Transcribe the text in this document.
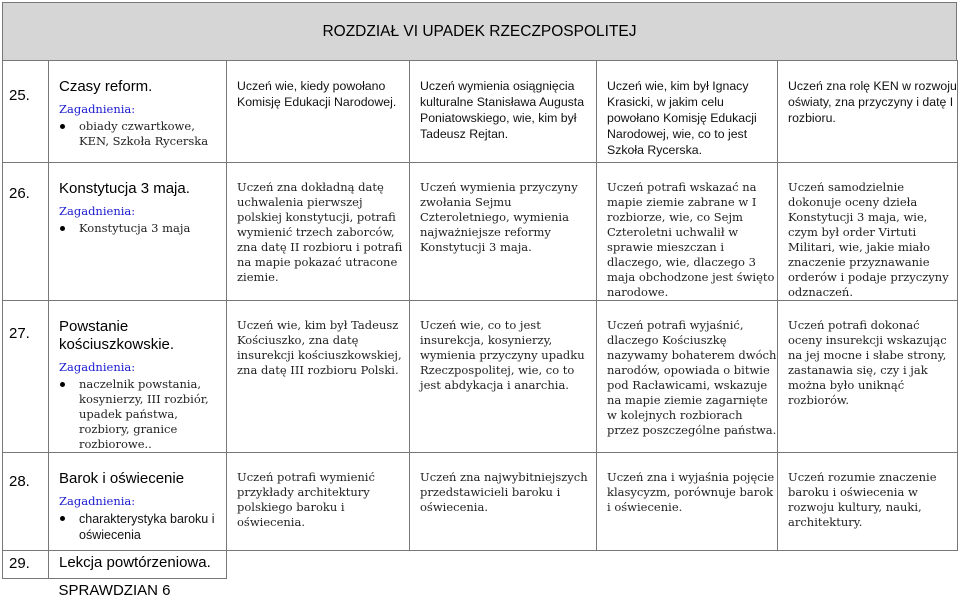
ROZDZIAŁ VI UPADEK RZECZPOSPOLITEJ
25.	Czasy reform.
Zagadnienia:
obiady czwartkowe, KEN, Szkoła Rycerska	Uczeń wie, kiedy powołano Komisję Edukacji Narodowej.	Uczeń wymienia osiągnięcia kulturalne Stanisława Augusta Poniatowskiego, wie, kim był Tadeusz Rejtan.	Uczeń wie, kim był Ignacy Krasicki, w jakim celu powołano Komisję Edukacji Narodowej, wie, co to jest Szkoła Rycerska.	Uczeń zna rolę KEN w rozwoju oświaty, zna przyczyny i datę I rozbioru.

26.	Konstytucja 3 maja.
Zagadnienia:
Konstytucja 3 maja	Uczeń zna dokładną datę uchwalenia pierwszej polskiej konstytucji, potrafi wymienić trzech zaborców, zna datę II rozbioru i potrafi na mapie pokazać utracone ziemie.	Uczeń wymienia przyczyny zwołania Sejmu Czteroletniego, wymienia najważniejsze reformy Konstytucji 3 maja.	Uczeń potrafi wskazać na mapie ziemie zabrane w I rozbiorze, wie, co Sejm Czteroletni uchwalił w sprawie mieszczan i dlaczego, wie, dlaczego 3 maja obchodzone jest święto narodowe.	Uczeń samodzielnie dokonuje oceny dzieła Konstytucji 3 maja, wie, czym był order Virtuti Militari, wie, jakie miało znaczenie przyznawanie orderów i podaje przyczyny odznaczeń.

27.	Powstanie kościuszkowskie.
Zagadnienia:
naczelnik powstania, kosynierzy, III rozbiór, upadek państwa, rozbiory, granice rozbiorowe..	Uczeń wie, kim był Tadeusz Kościuszko, zna datę insurekcji kościuszkowskiej, zna datę III rozbioru Polski.	Uczeń wie, co to jest insurekcja, kosynierzy, wymienia przyczyny upadku Rzeczpospolitej, wie, co to jest abdykacja i anarchia.	Uczeń potrafi wyjaśnić, dlaczego Kościuszkę nazywamy bohaterem dwóch narodów, opowiada o bitwie pod Racławicami, wskazuje na mapie ziemie zagarnięte w kolejnych rozbiorach przez poszczególne państwa.	Uczeń potrafi dokonać oceny insurekcji wskazując na jej mocne i słabe strony, zastanawia się, czy i jak można było uniknąć rozbiorów.

28.	Barok i oświecenie
Zagadnienia:
charakterystyka baroku i oświecenia	Uczeń potrafi wymienić przykłady architektury polskiego baroku i oświecenia.	Uczeń zna najwybitniejszych przedstawicieli baroku i oświecenia.	Uczeń zna i wyjaśnia pojęcie klasycyzm, porównuje barok i oświecenie.	Uczeń rozumie znaczenie baroku i oświecenia w rozwoju kultury, nauki, architektury.

29.	Lekcja powtórzeniowa.				

	SPRAWDZIAN 6				
